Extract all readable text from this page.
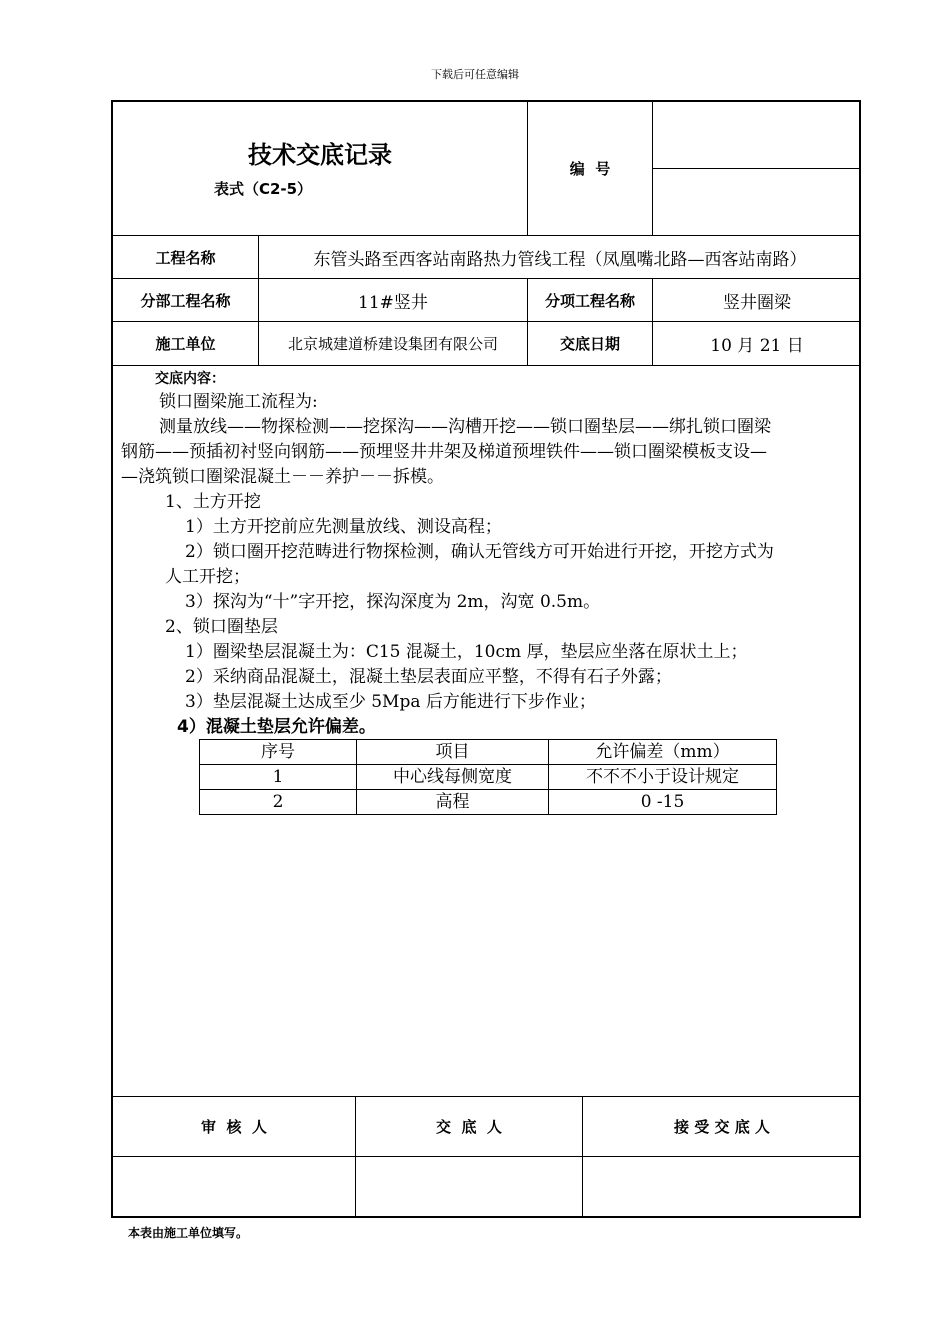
下载后可任意编辑
技术交底记录
表式（C2-5）
编  号
工程名称	东管头路至西客站南路热力管线工程（凤凰嘴北路—西客站南路）
分部工程名称	11#竖井	分项工程名称	竖井圈梁
施工单位	北京城建道桥建设集团有限公司	交底日期	10 月 21 日
交底内容：
锁口圈梁施工流程为:
测量放线——物探检测——挖探沟——沟槽开挖——锁口圈垫层——绑扎锁口圈梁
钢筋——预插初衬竖向钢筋——预埋竖井井架及梯道预埋铁件——锁口圈梁模板支设—
—浇筑锁口圈梁混凝土－－养护－－拆模。
1、土方开挖
1）土方开挖前应先测量放线、测设高程；
2）锁口圈开挖范畴进行物探检测，确认无管线方可开始进行开挖，开挖方式为
人工开挖；
3）探沟为“十”字开挖，探沟深度为 2m，沟宽 0.5m。
2、锁口圈垫层
1）圈梁垫层混凝土为：C15 混凝土，10cm 厚，垫层应坐落在原状土上；
2）采纳商品混凝土，混凝土垫层表面应平整，不得有石子外露；
3）垫层混凝土达成至少 5Mpa 后方能进行下步作业；
4）混凝土垫层允许偏差。
序号	项目	允许偏差（mm）
1	中心线每侧宽度	不不不小于设计规定
2	高程	0 -15
审  核  人	交  底  人	接 受 交 底 人
本表由施工单位填写。
